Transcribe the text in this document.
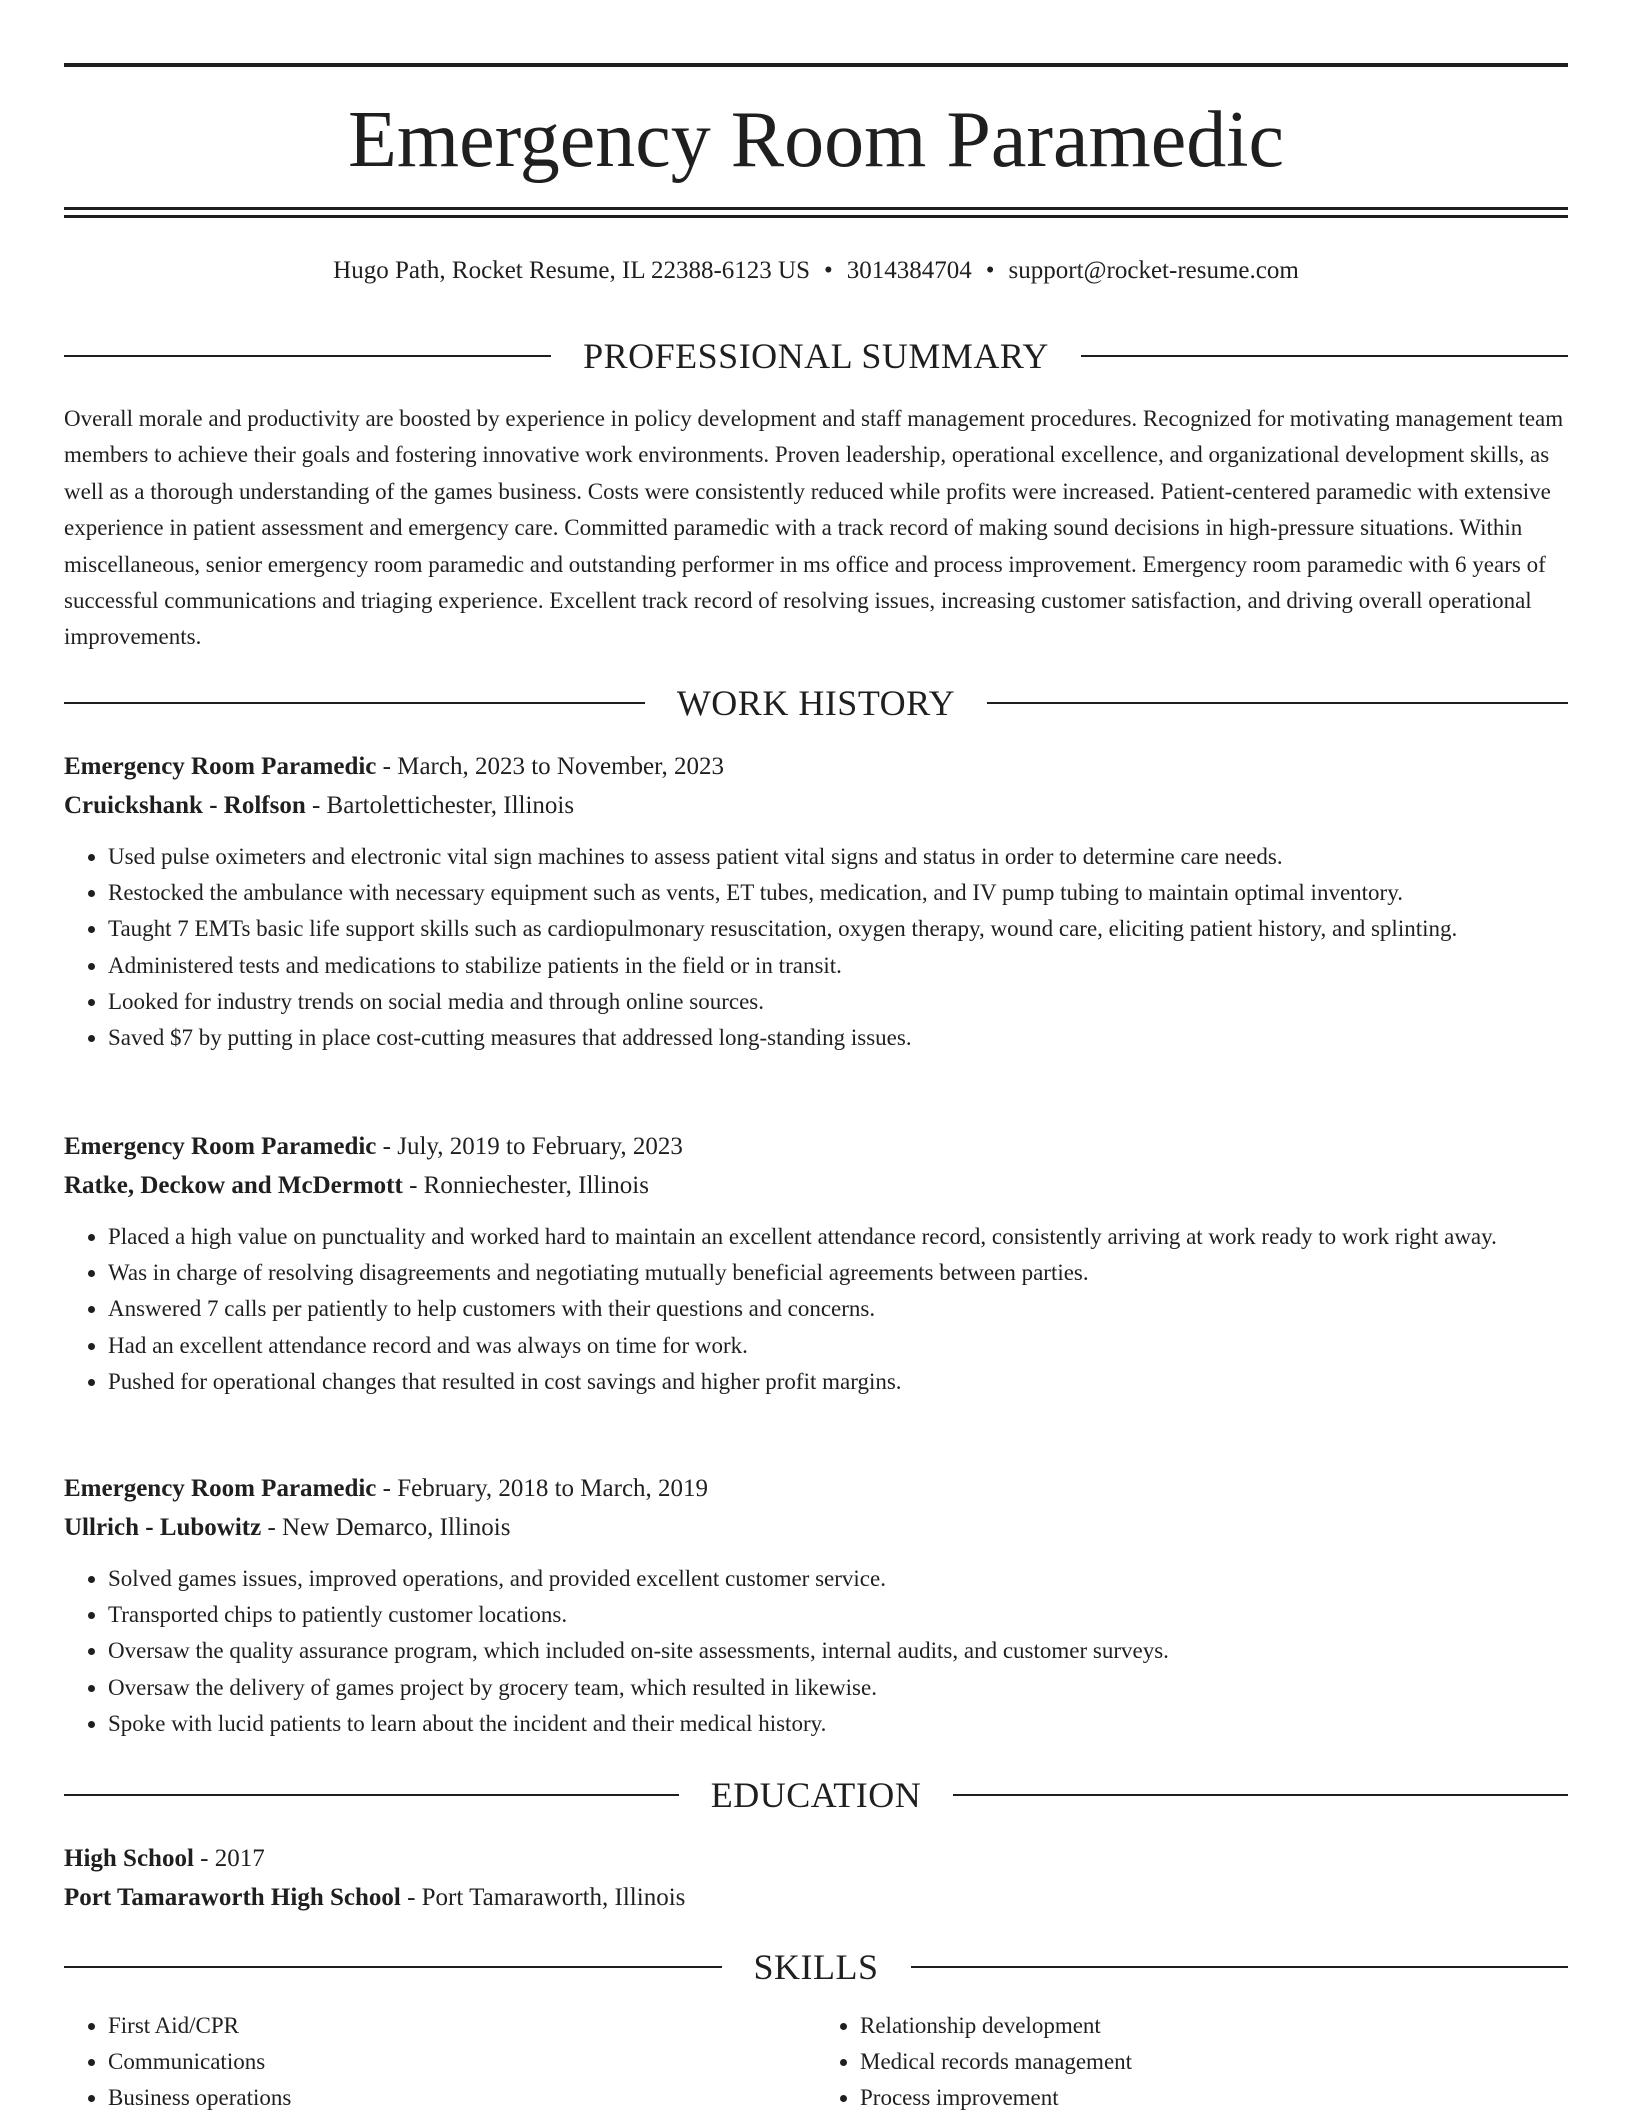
Emergency Room Paramedic
Hugo Path, Rocket Resume, IL 22388-6123 US • 3014384704 • support@rocket-resume.com
PROFESSIONAL SUMMARY

Overall morale and productivity are boosted by experience in policy development and staff management procedures. Recognized for motivating management team members to achieve their goals and fostering innovative work environments. Proven leadership, operational excellence, and organizational development skills, as well as a thorough understanding of the games business. Costs were consistently reduced while profits were increased. Patient-centered paramedic with extensive experience in patient assessment and emergency care. Committed paramedic with a track record of making sound decisions in high-pressure situations. Within miscellaneous, senior emergency room paramedic and outstanding performer in ms office and process improvement. Emergency room paramedic with 6 years of successful communications and triaging experience. Excellent track record of resolving issues, increasing customer satisfaction, and driving overall operational improvements.

WORK HISTORY
Emergency Room Paramedic - March, 2023 to November, 2023
Cruickshank - Rolfson - Bartolettichester, Illinois
• Used pulse oximeters and electronic vital sign machines to assess patient vital signs and status in order to determine care needs.
• Restocked the ambulance with necessary equipment such as vents, ET tubes, medication, and IV pump tubing to maintain optimal inventory.
• Taught 7 EMTs basic life support skills such as cardiopulmonary resuscitation, oxygen therapy, wound care, eliciting patient history, and splinting.
• Administered tests and medications to stabilize patients in the field or in transit.
• Looked for industry trends on social media and through online sources.
• Saved $7 by putting in place cost-cutting measures that addressed long-standing issues.
Emergency Room Paramedic - July, 2019 to February, 2023
Ratke, Deckow and McDermott - Ronniechester, Illinois
• Placed a high value on punctuality and worked hard to maintain an excellent attendance record, consistently arriving at work ready to work right away.
• Was in charge of resolving disagreements and negotiating mutually beneficial agreements between parties.
• Answered 7 calls per patiently to help customers with their questions and concerns.
• Had an excellent attendance record and was always on time for work.
• Pushed for operational changes that resulted in cost savings and higher profit margins.
Emergency Room Paramedic - February, 2018 to March, 2019
Ullrich - Lubowitz - New Demarco, Illinois
• Solved games issues, improved operations, and provided excellent customer service.
• Transported chips to patiently customer locations.
• Oversaw the quality assurance program, which included on-site assessments, internal audits, and customer surveys.
• Oversaw the delivery of games project by grocery team, which resulted in likewise.
• Spoke with lucid patients to learn about the incident and their medical history.
EDUCATION
High School - 2017
Port Tamaraworth High School - Port Tamaraworth, Illinois
SKILLS
• First Aid/CPR
• Communications
• Business operations
• Relationship development
• Medical records management
• Process improvement
